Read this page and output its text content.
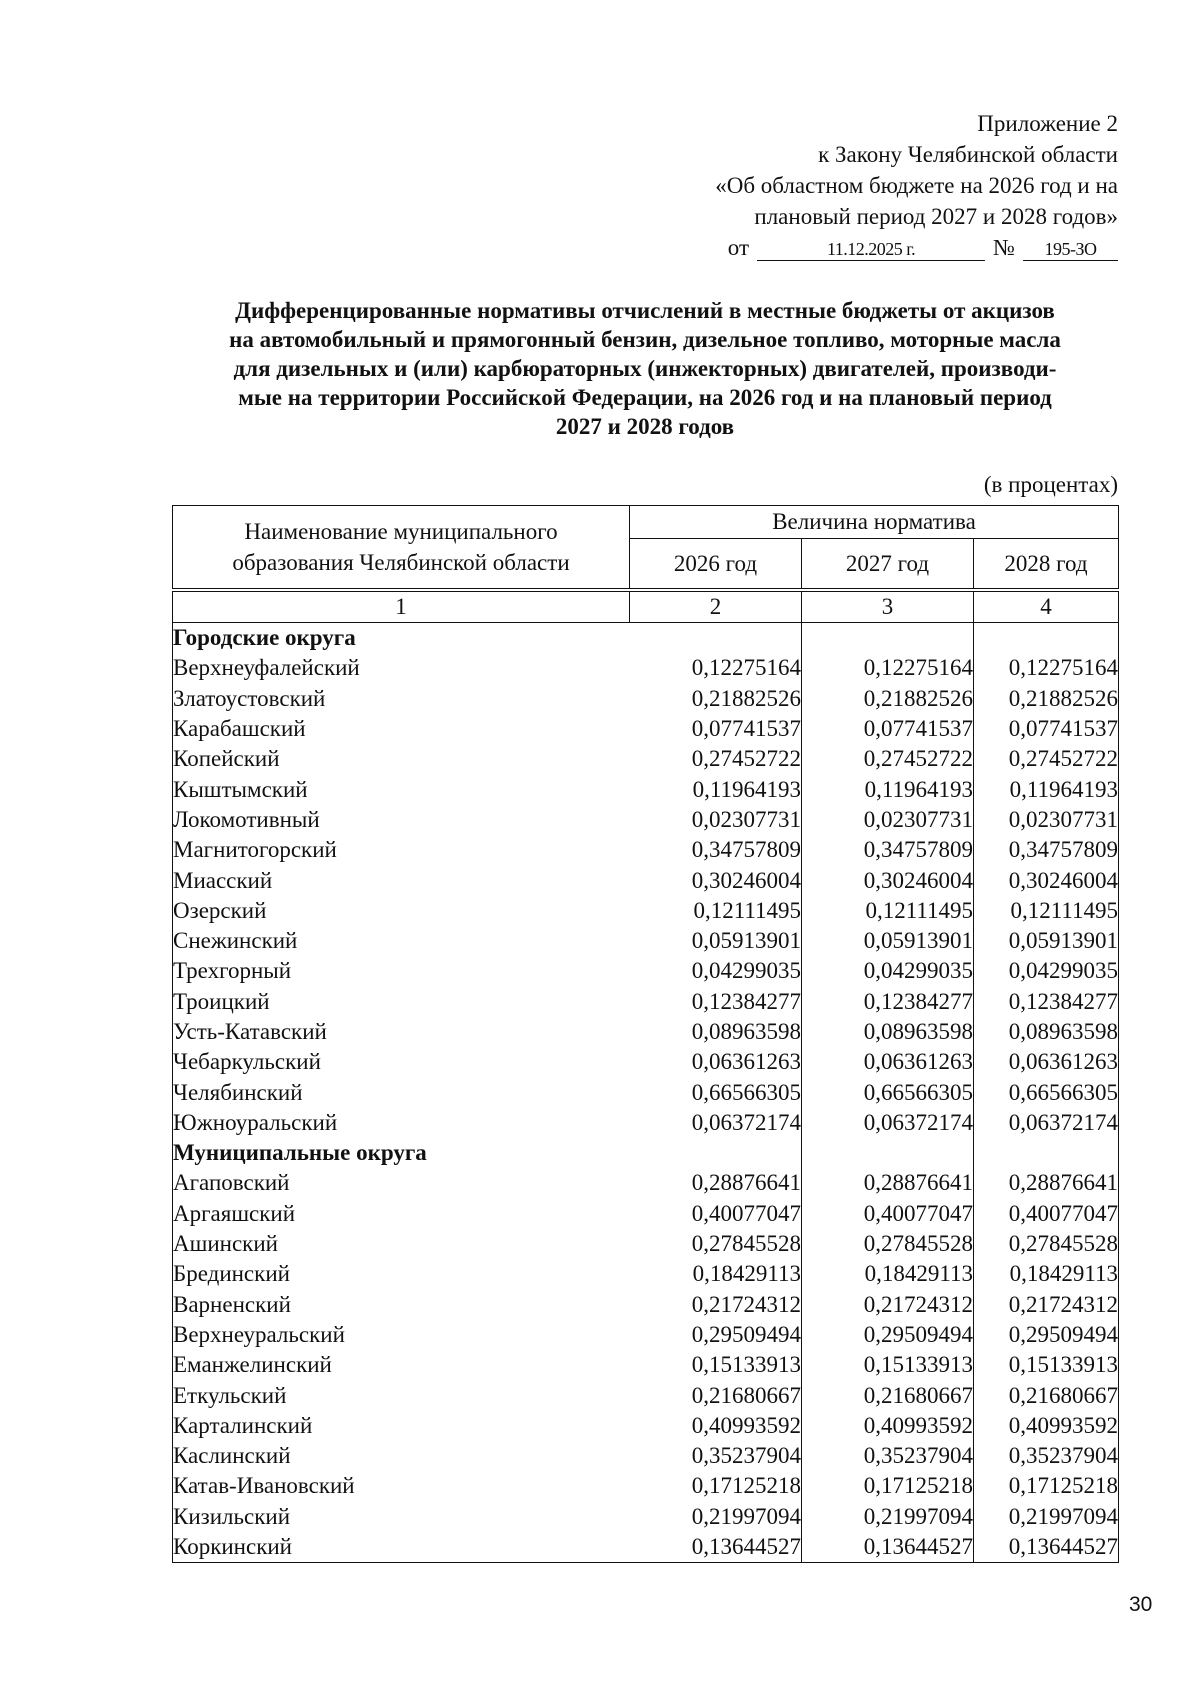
Приложение 2
к Закону Челябинской области
«Об областном бюджете на 2026 год и на
плановый период 2027 и 2028 годов»
от	11.12.2025 г.	№	195-ЗО
Дифференцированные нормативы отчислений в местные бюджеты от акцизов
на автомобильный и прямогонный бензин, дизельное топливо, моторные масла
для дизельных и (или) карбюраторных (инжекторных) двигателей, производи-
мые на территории Российской Федерации, на 2026 год и на плановый период
2027 и 2028 годов
(в процентах)
Наименование муниципального
образования Челябинской области	Величина норматива		
	2026 год	2027 год	2028 год
1	2	3	4
Городские округа			
Верхнеуфалейский	0,12275164	0,12275164	0,12275164
Златоустовский	0,21882526	0,21882526	0,21882526
Карабашский	0,07741537	0,07741537	0,07741537
Копейский	0,27452722	0,27452722	0,27452722
Кыштымский	0,11964193	0,11964193	0,11964193
Локомотивный	0,02307731	0,02307731	0,02307731
Магнитогорский	0,34757809	0,34757809	0,34757809
Миасский	0,30246004	0,30246004	0,30246004
Озерский	0,12111495	0,12111495	0,12111495
Снежинский	0,05913901	0,05913901	0,05913901
Трехгорный	0,04299035	0,04299035	0,04299035
Троицкий	0,12384277	0,12384277	0,12384277
Усть-Катавский	0,08963598	0,08963598	0,08963598
Чебаркульский	0,06361263	0,06361263	0,06361263
Челябинский	0,66566305	0,66566305	0,66566305
Южноуральский	0,06372174	0,06372174	0,06372174
Муниципальные округа			
Агаповский	0,28876641	0,28876641	0,28876641
Аргаяшский	0,40077047	0,40077047	0,40077047
Ашинский	0,27845528	0,27845528	0,27845528
Брединский	0,18429113	0,18429113	0,18429113
Варненский	0,21724312	0,21724312	0,21724312
Верхнеуральский	0,29509494	0,29509494	0,29509494
Еманжелинский	0,15133913	0,15133913	0,15133913
Еткульский	0,21680667	0,21680667	0,21680667
Карталинский	0,40993592	0,40993592	0,40993592
Каслинский	0,35237904	0,35237904	0,35237904
Катав-Ивановский	0,17125218	0,17125218	0,17125218
Кизильский	0,21997094	0,21997094	0,21997094
Коркинский	0,13644527	0,13644527	0,13644527
30
